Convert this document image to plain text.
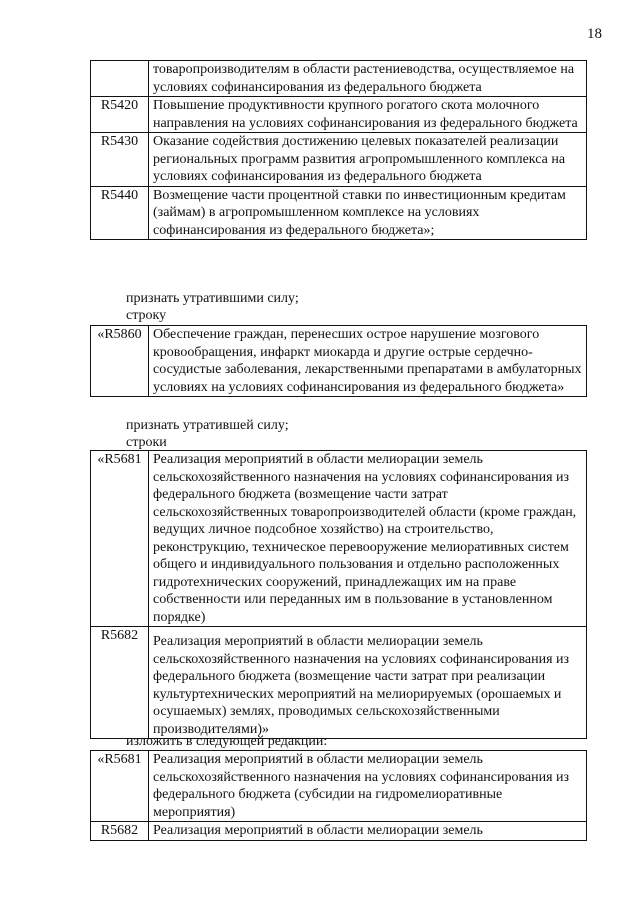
18
	товаропроизводителям в области растениеводства, осуществляемое на условиях софинансирования из федерального бюджета
R5420	Повышение продуктивности крупного рогатого скота молочного направления на условиях софинансирования из федерального бюджета
R5430	Оказание содействия достижению целевых показателей реализации региональных программ развития агропромышленного комплекса на условиях софинансирования из федерального бюджета
R5440	Возмещение части процентной ставки по инвестиционным кредитам (займам) в агропромышленном комплексе на условиях софинансирования из федерального бюджета»;
признать утратившими силу;
строку
«R5860	Обеспечение граждан, перенесших острое нарушение мозгового кровообращения, инфаркт миокарда и другие острые сердечно-сосудистые заболевания, лекарственными препаратами в амбулаторных условиях на условиях софинансирования из федерального бюджета»
признать утратившей силу;
строки
«R5681	Реализация мероприятий в области мелиорации земель сельскохозяйственного назначения на условиях софинансирования из федерального бюджета (возмещение части затрат сельскохозяйственных товаропроизводителей области (кроме граждан, ведущих личное подсобное хозяйство) на строительство, реконструкцию, техническое перевооружение мелиоративных систем общего и индивидуального пользования и отдельно расположенных гидротехнических сооружений, принадлежащих им на праве собственности или переданных им в пользование в установленном порядке)
R5682	Реализация мероприятий в области мелиорации земель сельскохозяйственного назначения на условиях софинансирования из федерального бюджета (возмещение части затрат при реализации культуртехнических мероприятий на мелиорируемых (орошаемых и осушаемых) землях, проводимых сельскохозяйственными производителями)»
изложить в следующей редакции:
«R5681	Реализация мероприятий в области мелиорации земель сельскохозяйственного назначения на условиях софинансирования из федерального бюджета (субсидии на гидромелиоративные мероприятия)
R5682	Реализация мероприятий в области мелиорации земель
